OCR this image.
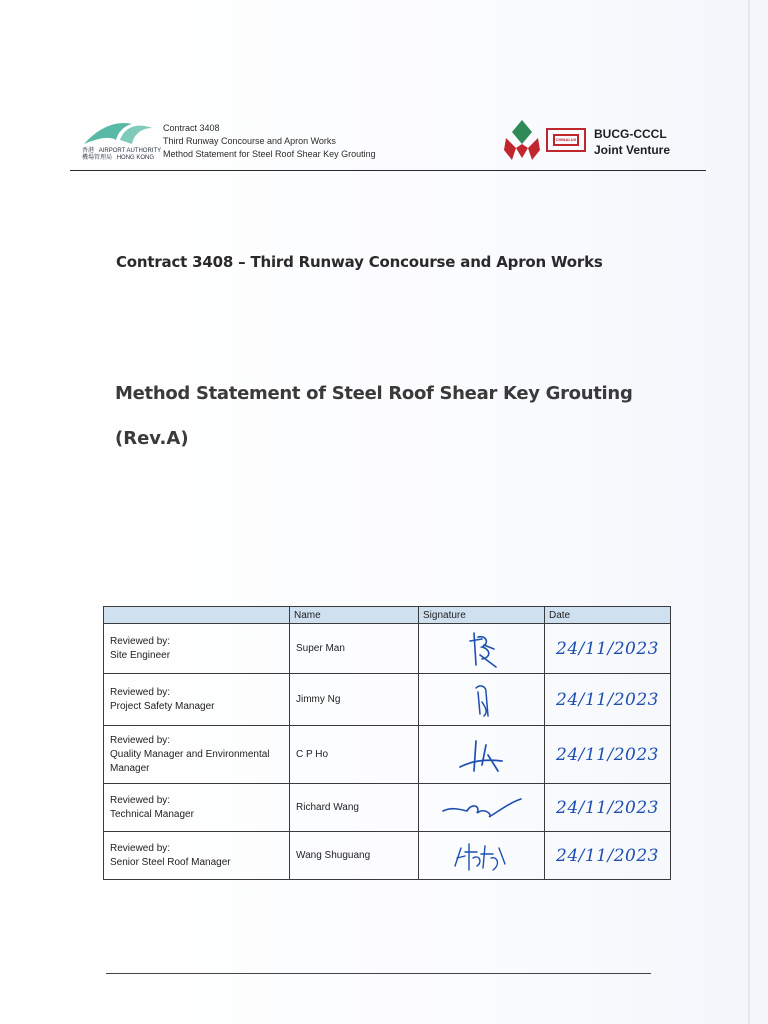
香港 AIRPORT AUTHORITY
機場管理局 HONG KONG
Contract 3408
Third Runway Concourse and Apron Works
Method Statement for Steel Roof Shear Key Grouting
CHINALUX BUCG-CCCL
Joint Venture
Contract 3408 – Third Runway Concourse and Apron Works
Method Statement of Steel Roof Shear Key Grouting
(Rev.A)
	Name	Signature	Date

Reviewed by:
Site Engineer	Super Man		24/11/2023

Reviewed by:
Project Safety Manager	Jimmy Ng		24/11/2023

Reviewed by:
Quality Manager and Environmental Manager	C P Ho		24/11/2023

Reviewed by:
Technical Manager	Richard Wang		24/11/2023

Reviewed by:
Senior Steel Roof Manager	Wang Shuguang		24/11/2023
